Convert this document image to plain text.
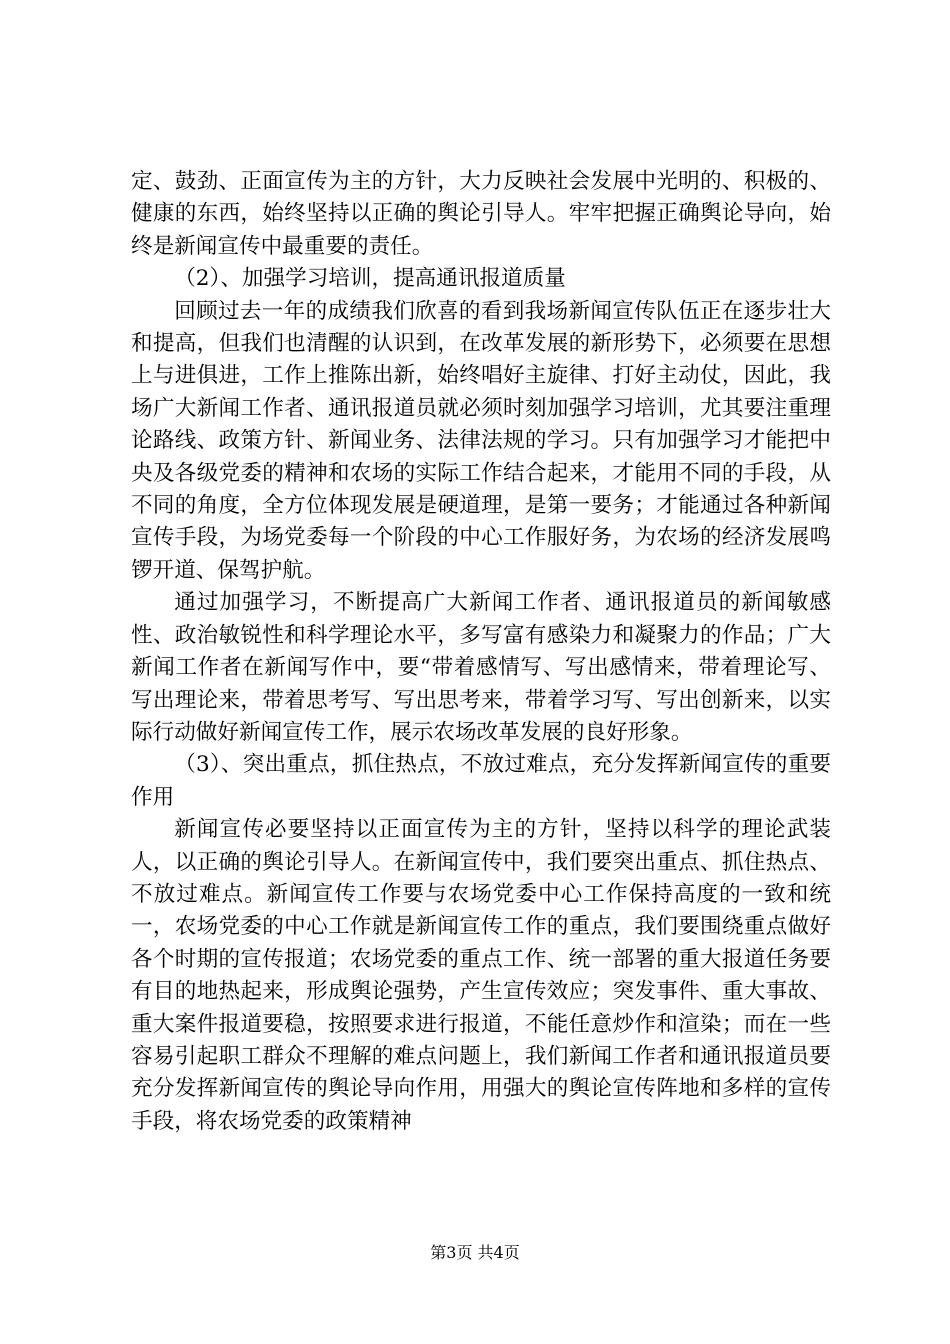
定、鼓劲、正面宣传为主的方针，大力反映社会发展中光明的、积极的、健康的东西，始终坚持以正确的舆论引导人。牢牢把握正确舆论导向，始终是新闻宣传中最重要的责任。

（2）、加强学习培训，提高通讯报道质量

回顾过去一年的成绩我们欣喜的看到我场新闻宣传队伍正在逐步壮大和提高，但我们也清醒的认识到，在改革发展的新形势下，必须要在思想上与进俱进，工作上推陈出新，始终唱好主旋律、打好主动仗，因此，我场广大新闻工作者、通讯报道员就必须时刻加强学习培训，尤其要注重理论路线、政策方针、新闻业务、法律法规的学习。只有加强学习才能把中央及各级党委的精神和农场的实际工作结合起来，才能用不同的手段，从不同的角度，全方位体现发展是硬道理，是第一要务；才能通过各种新闻宣传手段，为场党委每一个阶段的中心工作服好务，为农场的经济发展鸣锣开道、保驾护航。

通过加强学习，不断提高广大新闻工作者、通讯报道员的新闻敏感性、政治敏锐性和科学理论水平，多写富有感染力和凝聚力的作品；广大新闻工作者在新闻写作中，要“带着感情写、写出感情来，带着理论写、写出理论来，带着思考写、写出思考来，带着学习写、写出创新来，以实际行动做好新闻宣传工作，展示农场改革发展的良好形象。

（3）、突出重点，抓住热点，不放过难点，充分发挥新闻宣传的重要作用

新闻宣传必要坚持以正面宣传为主的方针，坚持以科学的理论武装人，以正确的舆论引导人。在新闻宣传中，我们要突出重点、抓住热点、不放过难点。新闻宣传工作要与农场党委中心工作保持高度的一致和统一，农场党委的中心工作就是新闻宣传工作的重点，我们要围绕重点做好各个时期的宣传报道；农场党委的重点工作、统一部署的重大报道任务要有目的地热起来，形成舆论强势，产生宣传效应；突发事件、重大事故、重大案件报道要稳，按照要求进行报道，不能任意炒作和渲染；而在一些容易引起职工群众不理解的难点问题上，我们新闻工作者和通讯报道员要充分发挥新闻宣传的舆论导向作用，用强大的舆论宣传阵地和多样的宣传手段，将农场党委的政策精神

第3页 共4页
